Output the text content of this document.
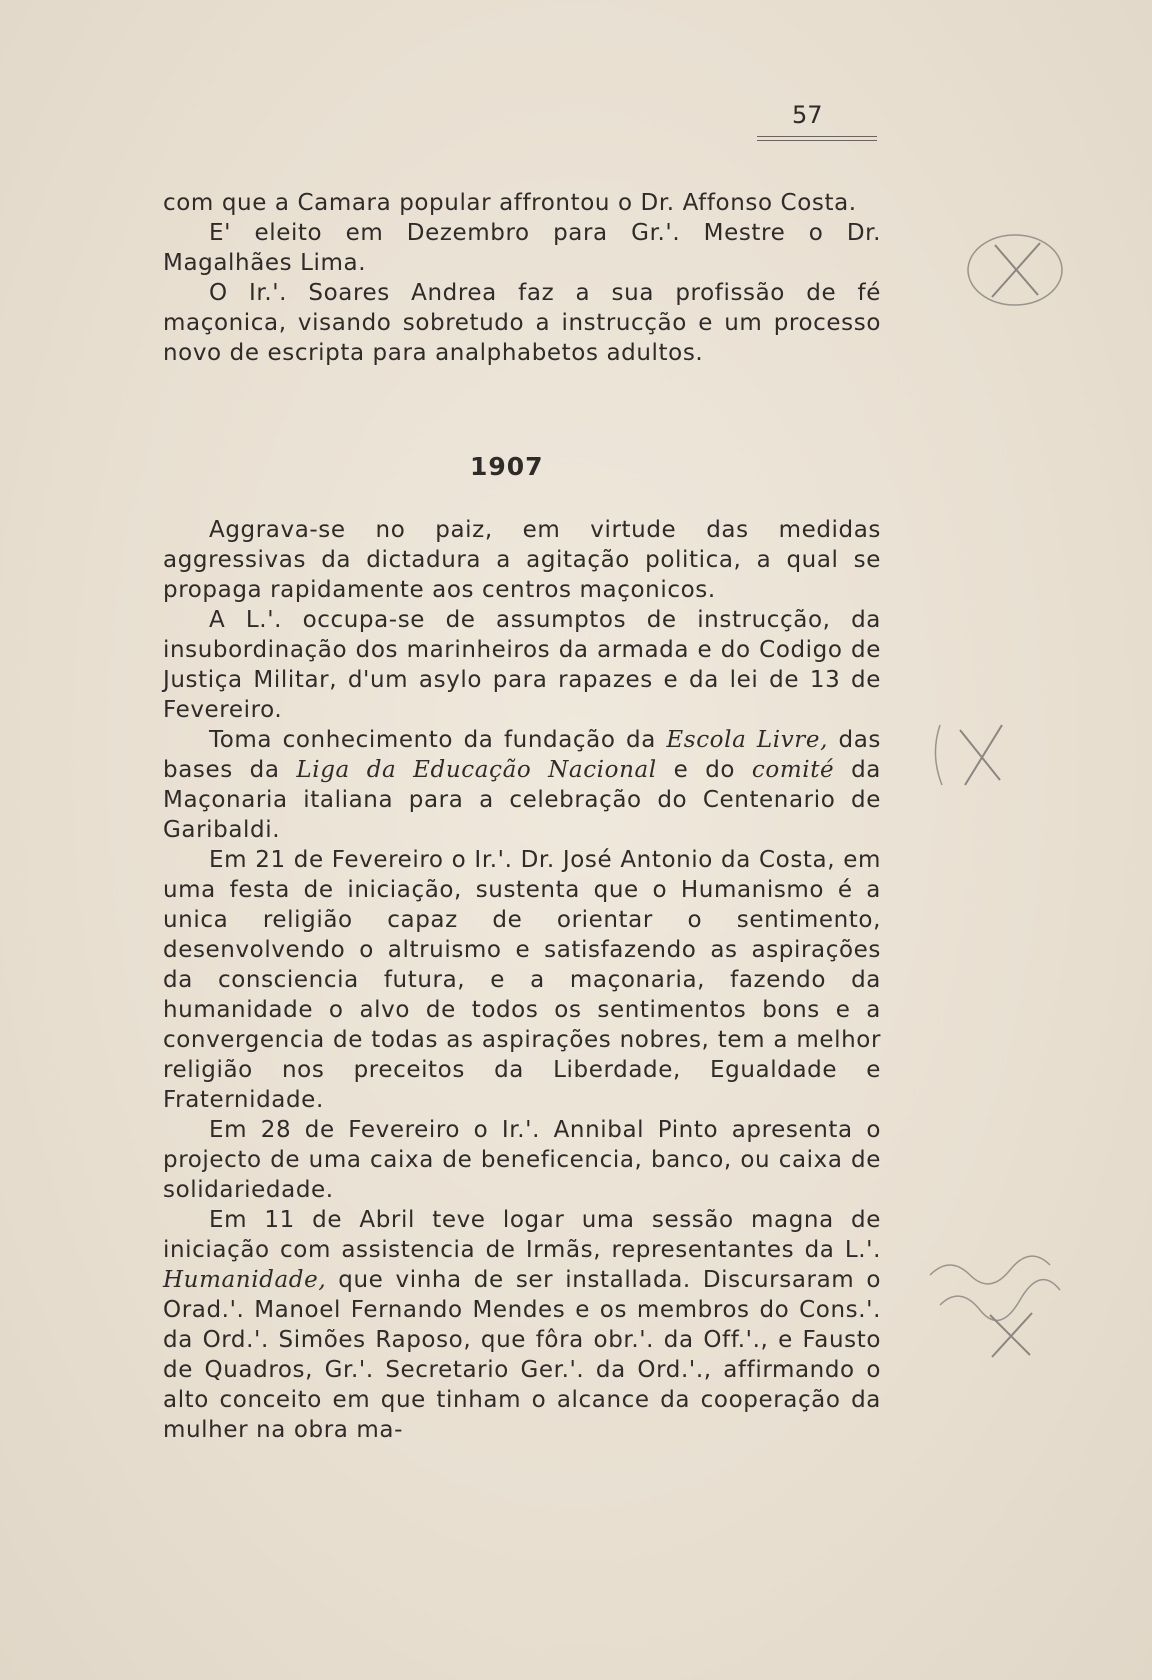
57

com que a Camara popular affrontou o Dr. Affonso Costa.

E' eleito em Dezembro para Gr.'. Mestre o Dr. Magalhães Lima.

O Ir.'. Soares Andrea faz a sua profissão de fé maçonica, visando sobretudo a instrucção e um processo novo de escripta para analphabetos adultos.

1907

Aggrava-se no paiz, em virtude das medidas aggressivas da dictadura a agitação politica, a qual se propaga rapidamente aos centros maçonicos.

A L.'. occupa-se de assumptos de instrucção, da insubordinação dos marinheiros da armada e do Codigo de Justiça Militar, d'um asylo para rapazes e da lei de 13 de Fevereiro.

Toma conhecimento da fundação da Escola Livre, das bases da Liga da Educação Nacional e do comité da Maçonaria italiana para a celebração do Centenario de Garibaldi.

Em 21 de Fevereiro o Ir.'. Dr. José Antonio da Costa, em uma festa de iniciação, sustenta que o Humanismo é a unica religião capaz de orientar o sentimento, desenvolvendo o altruismo e satisfazendo as aspirações da consciencia futura, e a maçonaria, fazendo da humanidade o alvo de todos os sentimentos bons e a convergencia de todas as aspirações nobres, tem a melhor religião nos preceitos da Liberdade, Egualdade e Fraternidade.

Em 28 de Fevereiro o Ir.'. Annibal Pinto apresenta o projecto de uma caixa de beneficencia, banco, ou caixa de solidariedade.

Em 11 de Abril teve logar uma sessão magna de iniciação com assistencia de Irmãs, representantes da L.'. Humanidade, que vinha de ser installada. Discursaram o Orad.'. Manoel Fernando Mendes e os membros do Cons.'. da Ord.'. Simões Raposo, que fôra obr.'. da Off.'., e Fausto de Quadros, Gr.'. Secretario Ger.'. da Ord.'., affirmando o alto conceito em que tinham o alcance da cooperação da mulher na obra ma-
